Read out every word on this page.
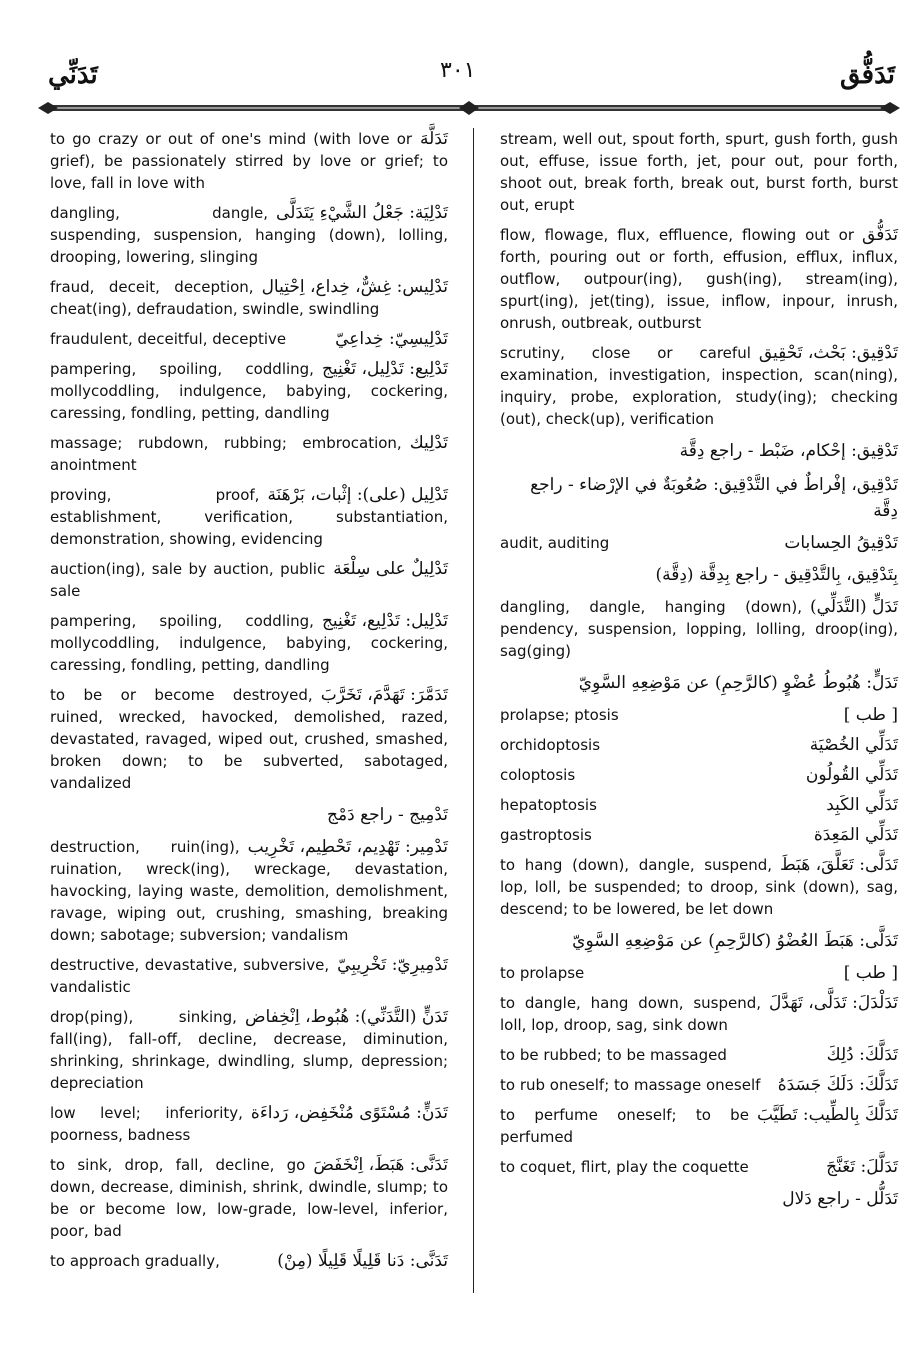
تَدَنِّي	٣٠١	تَدَفُّق
تَدَلَّهَ
to go crazy or out of one's mind (with love or grief), be passionately stirred by love or grief; to love, fall in love with
تَدْلِيَة: جَعْلُ الشَّيْءِ يَتَدَلَّى
dangling, dangle, suspending, suspension, hanging (down), lolling, drooping, lowering, slinging
تَدْلِيس: غِشٌّ، خِداع، اِحْتِيال
fraud, deceit, deception, cheat(ing), defraudation, swindle, swindling
تَدْلِيسِيّ: خِداعِيّ
fraudulent, deceitful, deceptive
تَدْلِيع: تَدْلِيل، تَغْنِيج
pampering, spoiling, coddling, mollycoddling, indulgence, babying, cockering, caressing, fondling, petting, dandling
تَدْلِيك
massage; rubdown, rubbing; embrocation, anointment
تَدْلِيل (على): إثْبات، بَرْهَنَة
proving, proof, establishment, verification, substantiation, demonstration, showing, evidencing
تَدْلِيلٌ على سِلْعَة
auction(ing), sale by auction, public sale
تَدْلِيل: تَدْلِيع، تَغْنِيج
pampering, spoiling, coddling, mollycoddling, indulgence, babying, cockering, caressing, fondling, petting, dandling
تَدَمَّرَ: تَهَدَّمَ، تَخَرَّبَ
to be or become destroyed, ruined, wrecked, havocked, demolished, razed, devastated, ravaged, wiped out, crushed, smashed, broken down; to be subverted, sabotaged, vandalized
تَدْمِيج - راجع دَمْج
تَدْمِير: تَهْدِيم، تَحْطِيم، تَخْرِيب
destruction, ruin(ing), ruination, wreck(ing), wreckage, devastation, havocking, laying waste, demolition, demolishment, ravage, wiping out, crushing, smashing, breaking down; sabotage; subversion; vandalism
تَدْمِيرِيّ: تَخْرِيبِيّ
destructive, devastative, subversive, vandalistic
تَدَنٍّ (التَّدَنِّي): هُبُوط، اِنْخِفاض
drop(ping), sinking, fall(ing), fall-off, decline, decrease, diminution, shrinking, shrinkage, dwindling, slump, depression; depreciation
تَدَنٍّ: مُسْتَوًى مُنْخَفِض، رَداءَة
low level; inferiority, poorness, badness
تَدَنَّى: هَبَطَ، اِنْخَفَضَ
to sink, drop, fall, decline, go down, decrease, diminish, shrink, dwindle, slump; to be or become low, low-grade, low-level, inferior, poor, bad
تَدَنَّى: دَنا قَلِيلًا قَلِيلًا (مِنْ)
to approach gradually,
stream, well out, spout forth, spurt, gush forth, gush out, effuse, issue forth, jet, pour out, pour forth, shoot out, break forth, break out, burst forth, burst out, erupt
تَدَفُّق
flow, flowage, flux, effluence, flowing out or forth, pouring out or forth, effusion, efflux, influx, outflow, outpour(ing), gush(ing), stream(ing), spurt(ing), jet(ting), issue, inflow, inpour, inrush, onrush, outbreak, outburst
تَدْقِيق: بَحْث، تَحْقِيق
scrutiny, close or careful examination, investigation, inspection, scan(ning), inquiry, probe, exploration, study(ing); checking (out), check(up), verification
تَدْقِيق: إحْكام، ضَبْط - راجع دِقَّة
تَدْقِيق، إفْراطٌ في التَّدْقِيق: صُعُوبَةٌ في الإرْضاء - راجع دِقَّة
تَدْقِيقُ الحِسابات
audit, auditing
بِتَدْقِيق، بِالتَّدْقِيق - راجع بِدِقَّة (دِقَّة)
تَدَلٍّ (التَّدَلِّي)
dangling, dangle, hanging (down), pendency, suspension, lopping, lolling, droop(ing), sag(ging)
تَدَلٍّ: هُبُوطُ عُضْوٍ (كالرَّحِمِ) عن مَوْضِعِهِ السَّوِيّ
[ طب ]
prolapse; ptosis
تَدَلِّي الخُصْيَة
orchidoptosis
تَدَلِّي القُولُون
coloptosis
تَدَلِّي الكَبِد
hepatoptosis
تَدَلِّي المَعِدَة
gastroptosis
تَدَلَّى: تَعَلَّقَ، هَبَطَ
to hang (down), dangle, suspend, lop, loll, be suspended; to droop, sink (down), sag, descend; to be lowered, be let down
تَدَلَّى: هَبَطَ العُضْوُ (كالرَّحِمِ) عن مَوْضِعِهِ السَّوِيّ
[ طب ]
to prolapse
تَدَلْدَلَ: تَدَلَّى، تَهَدَّلَ
to dangle, hang down, suspend, loll, lop, droop, sag, sink down
تَدَلَّكَ: دُلِكَ
to be rubbed; to be massaged
تَدَلَّكَ: دَلَكَ جَسَدَهُ
to rub oneself; to massage oneself
تَدَلَّكَ بِالطِّيب: تَطَيَّبَ
to perfume oneself; to be perfumed
تَدَلَّلَ: تَغَنَّجَ
to coquet, flirt, play the coquette
تَدَلُّل - راجع دَلال
